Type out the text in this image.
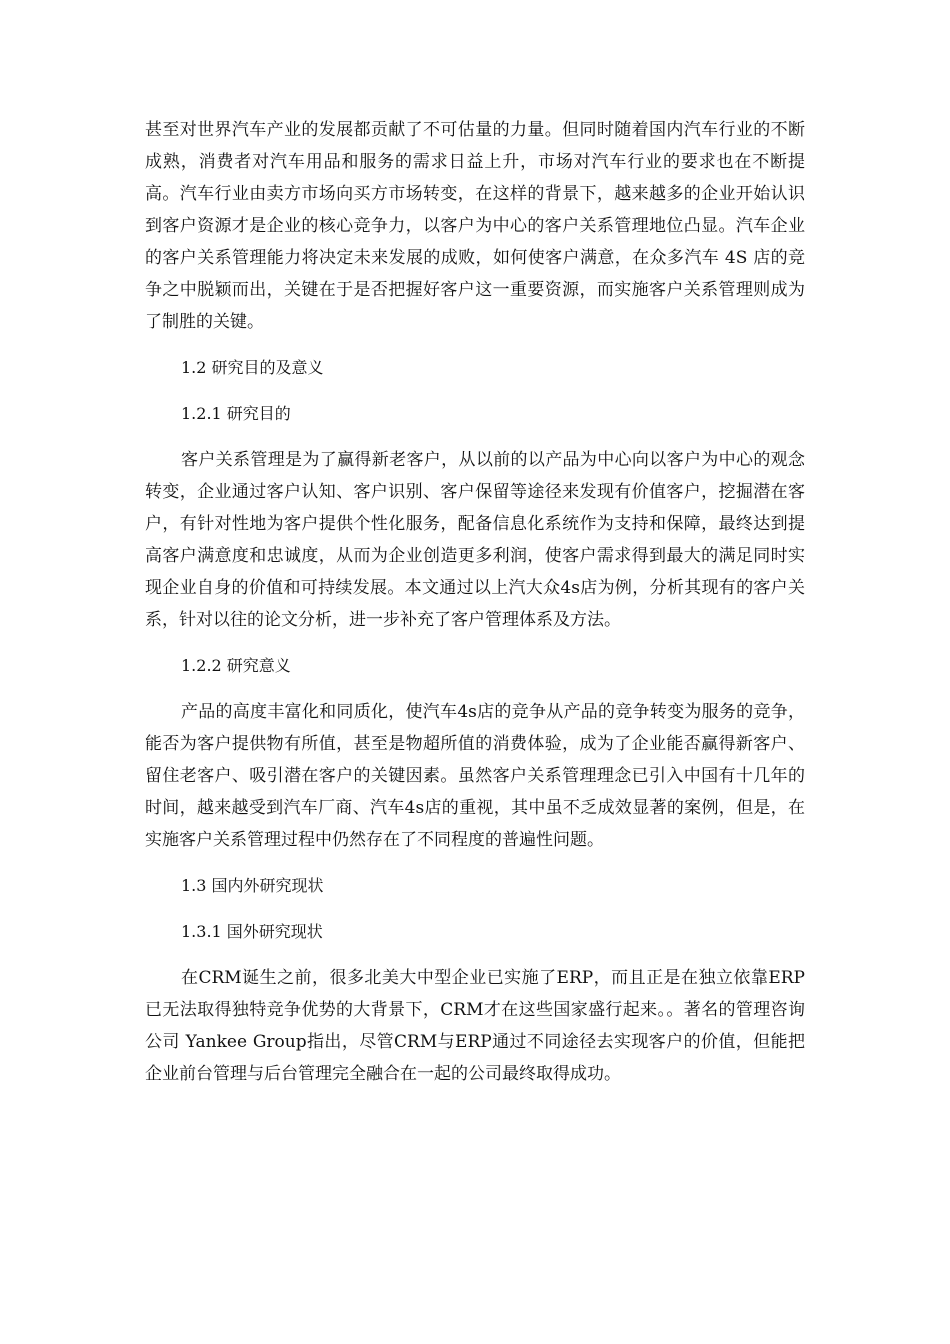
甚至对世界汽车产业的发展都贡献了不可估量的力量。但同时随着国内汽车行业的不断成熟，消费者对汽车用品和服务的需求日益上升，市场对汽车行业的要求也在不断提高。汽车行业由卖方市场向买方市场转变，在这样的背景下，越来越多的企业开始认识到客户资源才是企业的核心竞争力，以客户为中心的客户关系管理地位凸显。汽车企业的客户关系管理能力将决定未来发展的成败，如何使客户满意，在众多汽车 4S 店的竞争之中脱颖而出，关键在于是否把握好客户这一重要资源，而实施客户关系管理则成为了制胜的关键。

1.2 研究目的及意义

1.2.1 研究目的

客户关系管理是为了赢得新老客户，从以前的以产品为中心向以客户为中心的观念转变，企业通过客户认知、客户识别、客户保留等途径来发现有价值客户，挖掘潜在客户，有针对性地为客户提供个性化服务，配备信息化系统作为支持和保障，最终达到提高客户满意度和忠诚度，从而为企业创造更多利润，使客户需求得到最大的满足同时实现企业自身的价值和可持续发展。本文通过以上汽大众4s店为例，分析其现有的客户关系，针对以往的论文分析，进一步补充了客户管理体系及方法。

1.2.2 研究意义

产品的高度丰富化和同质化，使汽车4s店的竞争从产品的竞争转变为服务的竞争，能否为客户提供物有所值，甚至是物超所值的消费体验，成为了企业能否赢得新客户、留住老客户、吸引潜在客户的关键因素。虽然客户关系管理理念已引入中国有十几年的时间，越来越受到汽车厂商、汽车4s店的重视，其中虽不乏成效显著的案例，但是，在实施客户关系管理过程中仍然存在了不同程度的普遍性问题。

1.3 国内外研究现状

1.3.1 国外研究现状

在CRM诞生之前，很多北美大中型企业已实施了ERP，而且正是在独立依靠ERP已无法取得独特竞争优势的大背景下，CRM才在这些国家盛行起来。。著名的管理咨询公司 Yankee Group指出，尽管CRM与ERP通过不同途径去实现客户的价值，但能把企业前台管理与后台管理完全融合在一起的公司最终取得成功。
